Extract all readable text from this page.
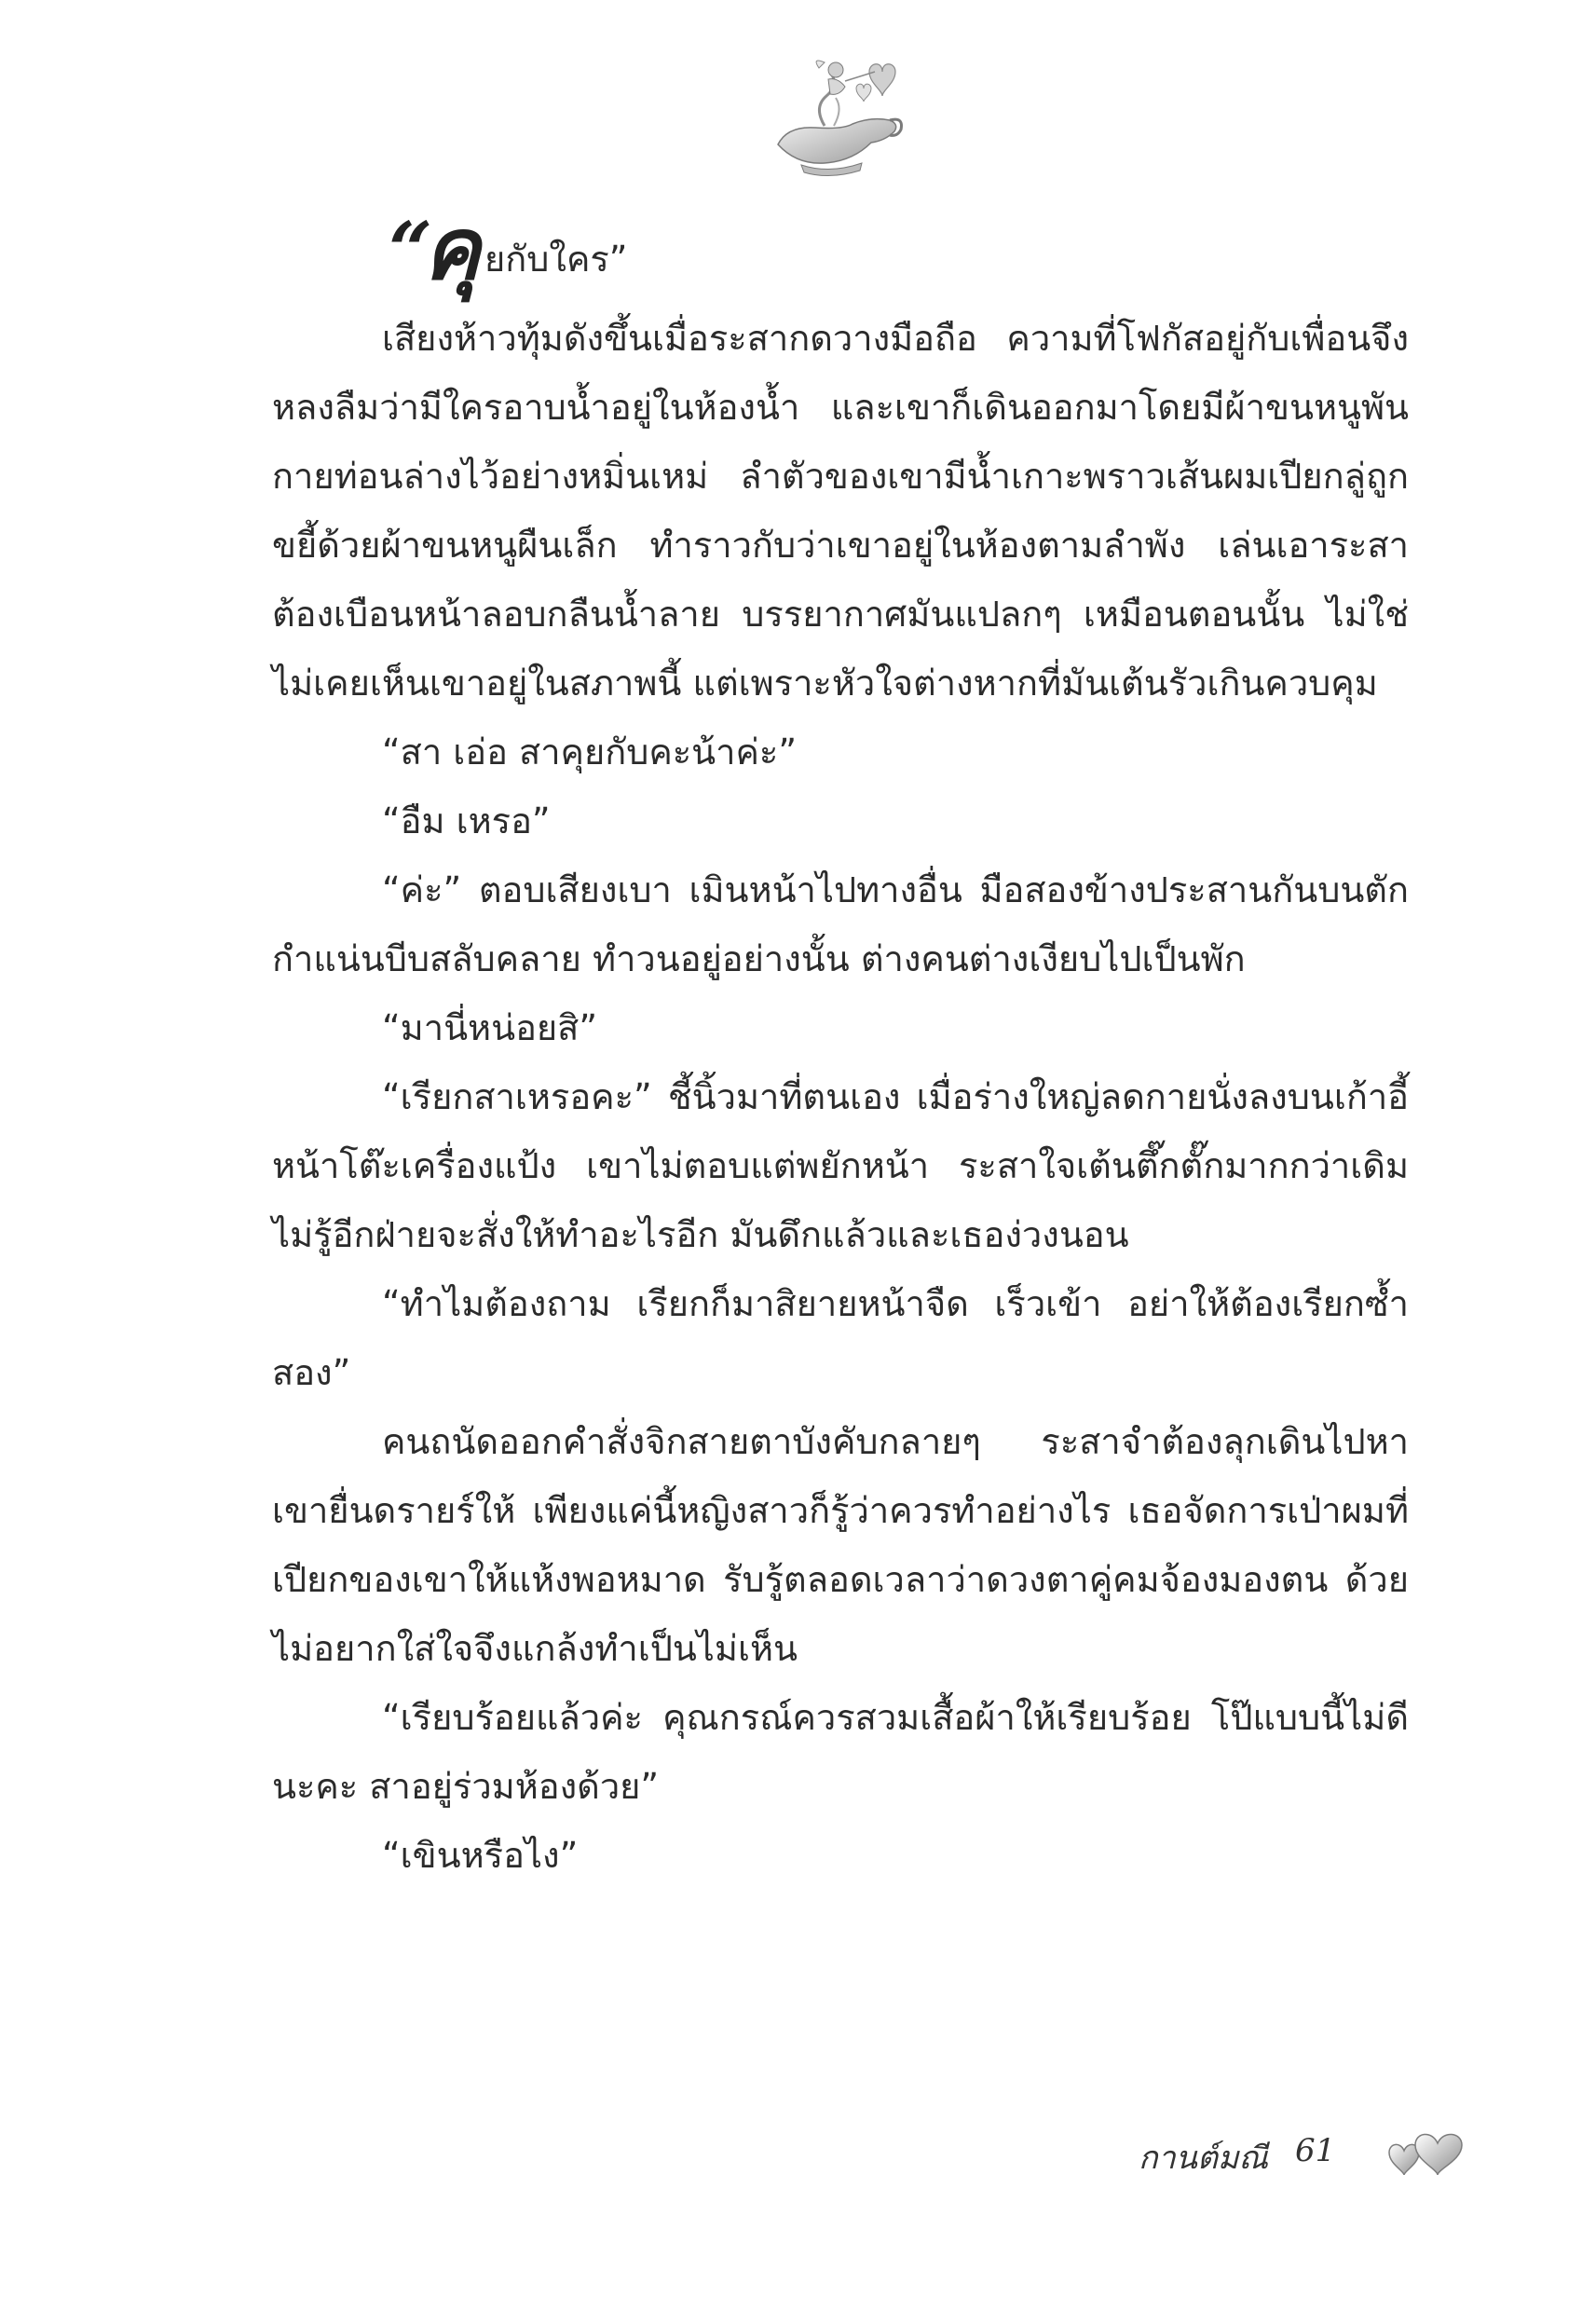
“
คุ ยกับใคร”

เสียงห้าวทุ้มดังขึ้นเมื่อระสากดวางมือถือ ความที่โฟกัสอยู่กับเพื่อนจึงหลงลืมว่ามีใครอาบน้ำอยู่ในห้องน้ำ และเขาก็เดินออกมาโดยมีผ้าขนหนูพันกายท่อนล่างไว้อย่างหมิ่นเหม่ ลำตัวของเขามีน้ำเกาะพราวเส้นผมเปียกลู่ถูกขยี้ด้วยผ้าขนหนูผืนเล็ก ทำราวกับว่าเขาอยู่ในห้องตามลำพัง เล่นเอาระสาต้องเบือนหน้าลอบกลืนน้ำลาย บรรยากาศมันแปลกๆ เหมือนตอนนั้น ไม่ใช่ไม่เคยเห็นเขาอยู่ในสภาพนี้ แต่เพราะหัวใจต่างหากที่มันเต้นรัวเกินควบคุม

“สา เอ่อ สาคุยกับคะน้าค่ะ”

“อืม เหรอ”

“ค่ะ” ตอบเสียงเบา เมินหน้าไปทางอื่น มือสองข้างประสานกันบนตักกำแน่นบีบสลับคลาย ทำวนอยู่อย่างนั้น ต่างคนต่างเงียบไปเป็นพัก

“มานี่หน่อยสิ”

“เรียกสาเหรอคะ” ชี้นิ้วมาที่ตนเอง เมื่อร่างใหญ่ลดกายนั่งลงบนเก้าอี้หน้าโต๊ะเครื่องแป้ง เขาไม่ตอบแต่พยักหน้า ระสาใจเต้นตึ๊กตั๊กมากกว่าเดิม ไม่รู้อีกฝ่ายจะสั่งให้ทำอะไรอีก มันดึกแล้วและเธอง่วงนอน

“ทำไมต้องถาม เรียกก็มาสิยายหน้าจืด เร็วเข้า อย่าให้ต้องเรียกซ้ำสอง”

คนถนัดออกคำสั่งจิกสายตาบังคับกลายๆ ระสาจำต้องลุกเดินไปหา เขายื่นดรายร์ให้ เพียงแค่นี้หญิงสาวก็รู้ว่าควรทำอย่างไร เธอจัดการเป่าผมที่เปียกของเขาให้แห้งพอหมาด รับรู้ตลอดเวลาว่าดวงตาคู่คมจ้องมองตน ด้วยไม่อยากใส่ใจจึงแกล้งทำเป็นไม่เห็น

“เรียบร้อยแล้วค่ะ คุณกรณ์ควรสวมเสื้อผ้าให้เรียบร้อย โป๊แบบนี้ไม่ดีนะคะ สาอยู่ร่วมห้องด้วย”

“เขินหรือไง”

กานต์มณี 61
